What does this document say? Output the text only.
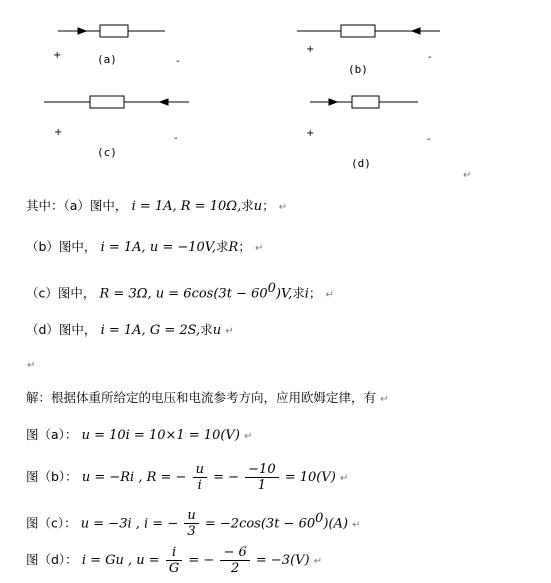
+	(a)	-
+
(b)
-
+
(c)
-	+
(d)
-
↵
其中：（a）图中， i = 1A, R = 10Ω,求u； ↵
（b）图中， i = 1A, u = −10V,求R； ↵
（c）图中， R = 3Ω, $u = 6\cos(3t - 60^0)V$,求i； ↵
（d）图中， i = 1A, G = 2S,求u ↵
↵
解：根据体重所给定的电压和电流参考方向，应用欧姆定律，有 ↵
图（a）： u = 10i = 10×1 = 10(V) ↵
图（b）： u = −Ri , R = − $\frac{u}{i}$ = − $\frac{-10}{1} = 10(V)$ ↵
图（c）： u = −3i , i = − $\frac{u}{3} = -2\cos(3t - 60^0)(A)$ ↵
图（d）： i = Gu , $u = \frac{i}{G}$ = − $\frac{- 6}{2} = -3(V)$ ↵
